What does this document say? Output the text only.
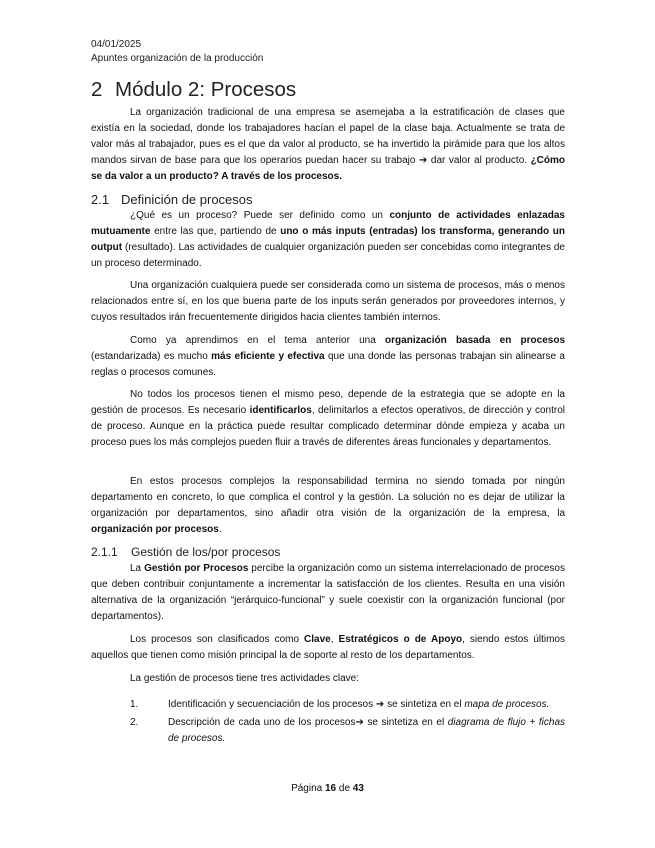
04/01/2025
Apuntes organización de la producción
2 Módulo 2: Procesos
La organización tradicional de una empresa se asemejaba a la estratificación de clases que existía en la sociedad, donde los trabajadores hacían el papel de la clase baja. Actualmente se trata de valor más al trabajador, pues es el que da valor al producto, se ha invertido la pirámide para que los altos mandos sirvan de base para que los operarios puedan hacer su trabajo ➔ dar valor al producto. ¿Cómo se da valor a un producto? A través de los procesos.
2.1 Definición de procesos
¿Qué es un proceso? Puede ser definido como un conjunto de actividades enlazadas mutuamente entre las que, partiendo de uno o más inputs (entradas) los transforma, generando un output (resultado). Las actividades de cualquier organización pueden ser concebidas como integrantes de un proceso determinado.
Una organización cualquiera puede ser considerada como un sistema de procesos, más o menos relacionados entre sí, en los que buena parte de los inputs serán generados por proveedores internos, y cuyos resultados irán frecuentemente dirigidos hacia clientes también internos.
Como ya aprendimos en el tema anterior una organización basada en procesos (estandarizada) es mucho más eficiente y efectiva que una donde las personas trabajan sin alinearse a reglas o procesos comunes.
No todos los procesos tienen el mismo peso, depende de la estrategia que se adopte en la gestión de procesos. Es necesario identificarlos, delimitarlos a efectos operativos, de dirección y control de proceso. Aunque en la práctica puede resultar complicado determinar dónde empieza y acaba un proceso pues los más complejos pueden fluir a través de diferentes áreas funcionales y departamentos.
En estos procesos complejos la responsabilidad termina no siendo tomada por ningún departamento en concreto, lo que complica el control y la gestión. La solución no es dejar de utilizar la organización por departamentos, sino añadir otra visión de la organización de la empresa, la organización por procesos.
2.1.1 Gestión de los/por procesos
La Gestión por Procesos percibe la organización como un sistema interrelacionado de procesos que deben contribuir conjuntamente a incrementar la satisfacción de los clientes. Resulta en una visión alternativa de la organización “jerárquico-funcional” y suele coexistir con la organización funcional (por departamentos).
Los procesos son clasificados como Clave, Estratégicos o de Apoyo, siendo estos últimos aquellos que tienen como misión principal la de soporte al resto de los departamentos.
La gestión de procesos tiene tres actividades clave:
1.	Identificación y secuenciación de los procesos ➔ se sintetiza en el mapa de procesos.
2.	Descripción de cada uno de los procesos➔ se sintetiza en el diagrama de flujo + fichas de procesos.
Página 16 de 43
